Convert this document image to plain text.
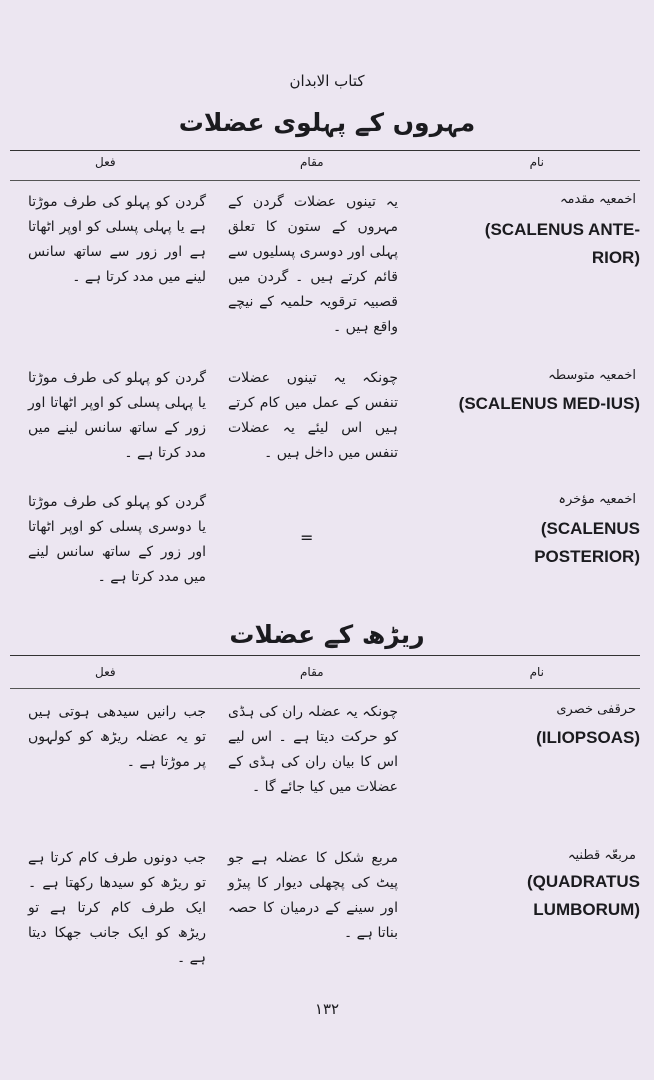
کتاب الابدان
مہروں کے پہلوی عضلات
نام
مقام
فعل
اخمعیہ مقدمہ
(SCALENUS ANTE-RIOR)
یہ تینوں عضلات گردن کے مہروں کے ستون کا تعلق پہلی اور دوسری پسلیوں سے قائم کرتے ہیں ۔ گردن میں قصبیہ ترقویہ حلمیہ کے نیچے واقع ہیں ۔
گردن کو پہلو کی طرف موڑتا ہے یا پہلی پسلی کو اوپر اٹھاتا ہے اور زور سے ساتھ سانس لینے میں مدد کرتا ہے ۔
اخمعیہ متوسطہ
(SCALENUS MED-IUS)
چونکہ یہ تینوں عضلات تنفس کے عمل میں کام کرتے ہیں اس لیئے یہ عضلات تنفس میں داخل ہیں ۔
گردن کو پہلو کی طرف موڑتا یا پہلی پسلی کو اوپر اٹھاتا اور زور کے ساتھ سانس لینے میں مدد کرتا ہے ۔
اخمعیہ مؤخرہ
(SCALENUS POSTERIOR)
=
گردن کو پہلو کی طرف موڑتا یا دوسری پسلی کو اوپر اٹھاتا اور زور کے ساتھ سانس لینے میں مدد کرتا ہے ۔
ریڑھ کے عضلات
نام
مقام
فعل
حرقفی خصری
(ILIOPSOAS)
چونکہ یہ عضلہ ران کی ہڈی کو حرکت دیتا ہے ۔ اس لیے اس کا بیان ران کی ہڈی کے عضلات میں کیا جائے گا ۔
جب رانیں سیدھی ہوتی ہیں تو یہ عضلہ ریڑھ کو کولہوں پر موڑتا ہے ۔
مربعّہ قطنیہ
(QUADRATUS LUMBORUM)
مربع شکل کا عضلہ ہے جو پیٹ کی پچھلی دیوار کا پیڑو اور سینے کے درمیان کا حصہ بناتا ہے ۔
جب دونوں طرف کام کرتا ہے تو ریڑھ کو سیدھا رکھتا ہے ۔ ایک طرف کام کرتا ہے تو ریڑھ کو ایک جانب جھکا دیتا ہے ۔
۱۳۲
